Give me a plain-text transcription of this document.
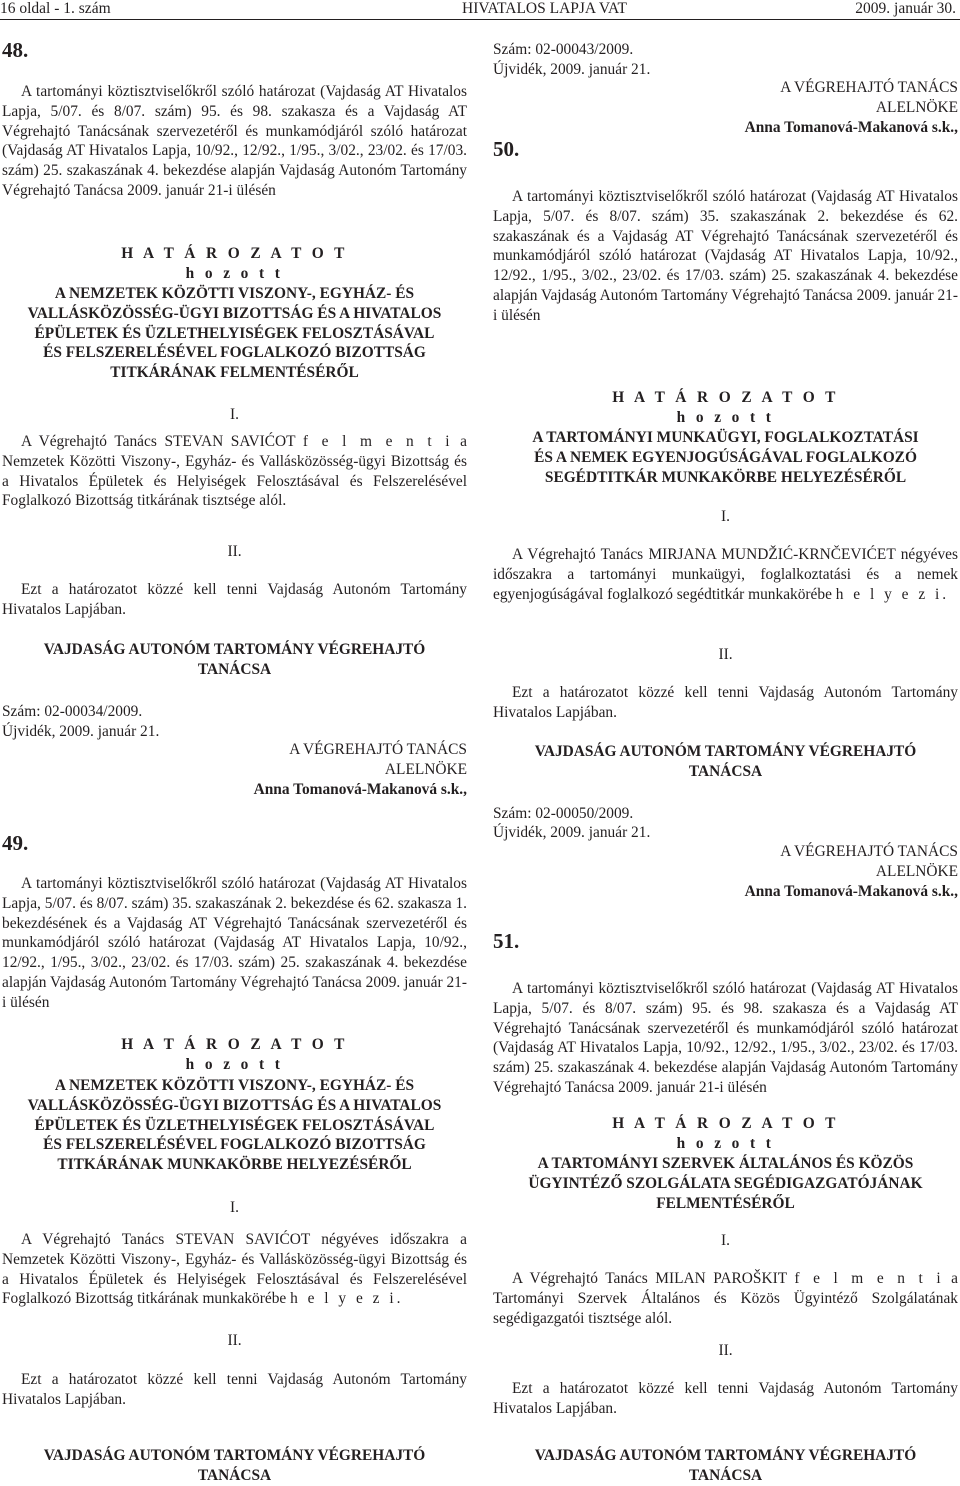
16 oldal - 1. szám	HIVATALOS LAPJA VAT	2009. január 30.
48.

A tartományi köztisztviselőkről szóló határozat (Vajdaság AT Hivatalos Lapja, 5/07. és 8/07. szám) 95. és 98. szakasza és a Vajdaság AT Végrehajtó Tanácsának szervezetéről és munkamódjáról szóló határozat (Vajdaság AT Hivatalos Lapja, 10/92., 12/92., 1/95., 3/02., 23/02. és 17/03. szám) 25. szakaszának 4. bekezdése alapján Vajdaság Autonóm Tartomány Végrehajtó Tanácsa 2009. január 21-i ülésén

H A T Á R O Z A T O T
h o z o t t
A NEMZETEK KÖZÖTTI VISZONY-, EGYHÁZ- ÉS
VALLÁSKÖZÖSSÉG-ÜGYI BIZOTTSÁG ÉS A HIVATALOS
ÉPÜLETEK ÉS ÜZLETHELYISÉGEK FELOSZTÁSÁVAL
ÉS FELSZERELÉSÉVEL FOGLALKOZÓ BIZOTTSÁG
TITKÁRÁNAK FELMENTÉSÉRŐL
I.

A Végrehajtó Tanács STEVAN SAVIĆOT f e l m e n t i a Nemzetek Közötti Viszony-, Egyház- és Vallásközösség-ügyi Bizottság és a Hivatalos Épületek és Helyiségek Felosztásával és Felszerelésével Foglalkozó Bizottság titkárának tisztsége alól.

II.

Ezt a határozatot közzé kell tenni Vajdaság Autonóm Tartomány Hivatalos Lapjában.

VAJDASÁG AUTONÓM TARTOMÁNY VÉGREHAJTÓ
TANÁCSA
Szám: 02-00034/2009.
Újvidék, 2009. január 21.
A VÉGREHAJTÓ TANÁCS
ALELNÖKE
Anna Tomanová-Makanová s.k.,
49.

A tartományi köztisztviselőkről szóló határozat (Vajdaság AT Hivatalos Lapja, 5/07. és 8/07. szám) 35. szakaszának 2. bekezdése és 62. szakasza 1. bekezdésének és a Vajdaság AT Végrehajtó Tanácsának szervezetéről és munkamódjáról szóló határozat (Vajdaság AT Hivatalos Lapja, 10/92., 12/92., 1/95., 3/02., 23/02. és 17/03. szám) 25. szakaszának 4. bekezdése alapján Vajdaság Autonóm Tartomány Végrehajtó Tanácsa 2009. január 21-i ülésén

H A T Á R O Z A T O T
h o z o t t
A NEMZETEK KÖZÖTTI VISZONY-, EGYHÁZ- ÉS
VALLÁSKÖZÖSSÉG-ÜGYI BIZOTTSÁG ÉS A HIVATALOS
ÉPÜLETEK ÉS ÜZLETHELYISÉGEK FELOSZTÁSÁVAL
ÉS FELSZERELÉSÉVEL FOGLALKOZÓ BIZOTTSÁG
TITKÁRÁNAK MUNKAKÖRBE HELYEZÉSÉRŐL
I.

A Végrehajtó Tanács STEVAN SAVIĆOT négyéves időszakra a Nemzetek Közötti Viszony-, Egyház- és Vallásközösség-ügyi Bizottság és a Hivatalos Épületek és Helyiségek Felosztásával és Felszerelésével Foglalkozó Bizottság titkárának munkakörébe h e l y e z i.

II.

Ezt a határozatot közzé kell tenni Vajdaság Autonóm Tartomány Hivatalos Lapjában.

VAJDASÁG AUTONÓM TARTOMÁNY VÉGREHAJTÓ
TANÁCSA
Szám: 02-00043/2009.
Újvidék, 2009. január 21.
A VÉGREHAJTÓ TANÁCS
ALELNÖKE
Anna Tomanová-Makanová s.k.,
50.

A tartományi köztisztviselőkről szóló határozat (Vajdaság AT Hivatalos Lapja, 5/07. és 8/07. szám) 35. szakaszának 2. bekezdése és 62. szakaszának és a Vajdaság AT Végrehajtó Tanácsának szervezetéről és munkamódjáról szóló határozat (Vajdaság AT Hivatalos Lapja, 10/92., 12/92., 1/95., 3/02., 23/02. és 17/03. szám) 25. szakaszának 4. bekezdése alapján Vajdaság Autonóm Tartomány Végrehajtó Tanácsa 2009. január 21-i ülésén

H A T Á R O Z A T O T
h o z o t t
A TARTOMÁNYI MUNKAÜGYI, FOGLALKOZTATÁSI
ÉS A NEMEK EGYENJOGÚSÁGÁVAL FOGLALKOZÓ
SEGÉDTITKÁR MUNKAKÖRBE HELYEZÉSÉRŐL
I.

A Végrehajtó Tanács MIRJANA MUNDŽIĆ-KRNČEVIĆET négyéves időszakra a tartományi munkaügyi, foglalkoztatási és a nemek egyenjogúságával foglalkozó segédtitkár munkakörébe h e l y e z i.

II.

Ezt a határozatot közzé kell tenni Vajdaság Autonóm Tartomány Hivatalos Lapjában.

VAJDASÁG AUTONÓM TARTOMÁNY VÉGREHAJTÓ
TANÁCSA
Szám: 02-00050/2009.
Újvidék, 2009. január 21.
A VÉGREHAJTÓ TANÁCS
ALELNÖKE
Anna Tomanová-Makanová s.k.,
51.

A tartományi köztisztviselőkről szóló határozat (Vajdaság AT Hivatalos Lapja, 5/07. és 8/07. szám) 95. és 98. szakasza és a Vajdaság AT Végrehajtó Tanácsának szervezetéről és munkamódjáról szóló határozat (Vajdaság AT Hivatalos Lapja, 10/92., 12/92., 1/95., 3/02., 23/02. és 17/03. szám) 25. szakaszának 4. bekezdése alapján Vajdaság Autonóm Tartomány Végrehajtó Tanácsa 2009. január 21-i ülésén

H A T Á R O Z A T O T
h o z o t t
A TARTOMÁNYI SZERVEK ÁLTALÁNOS ÉS KÖZÖS
ÜGYINTÉZŐ SZOLGÁLATA SEGÉDIGAZGATÓJÁNAK
FELMENTÉSÉRŐL
I.

A Végrehajtó Tanács MILAN PAROŠKIT f e l m e n t i a Tartományi Szervek Általános és Közös Ügyintéző Szolgálatának segédigazgatói tisztsége alól.

II.

Ezt a határozatot közzé kell tenni Vajdaság Autonóm Tartomány Hivatalos Lapjában.

VAJDASÁG AUTONÓM TARTOMÁNY VÉGREHAJTÓ
TANÁCSA
